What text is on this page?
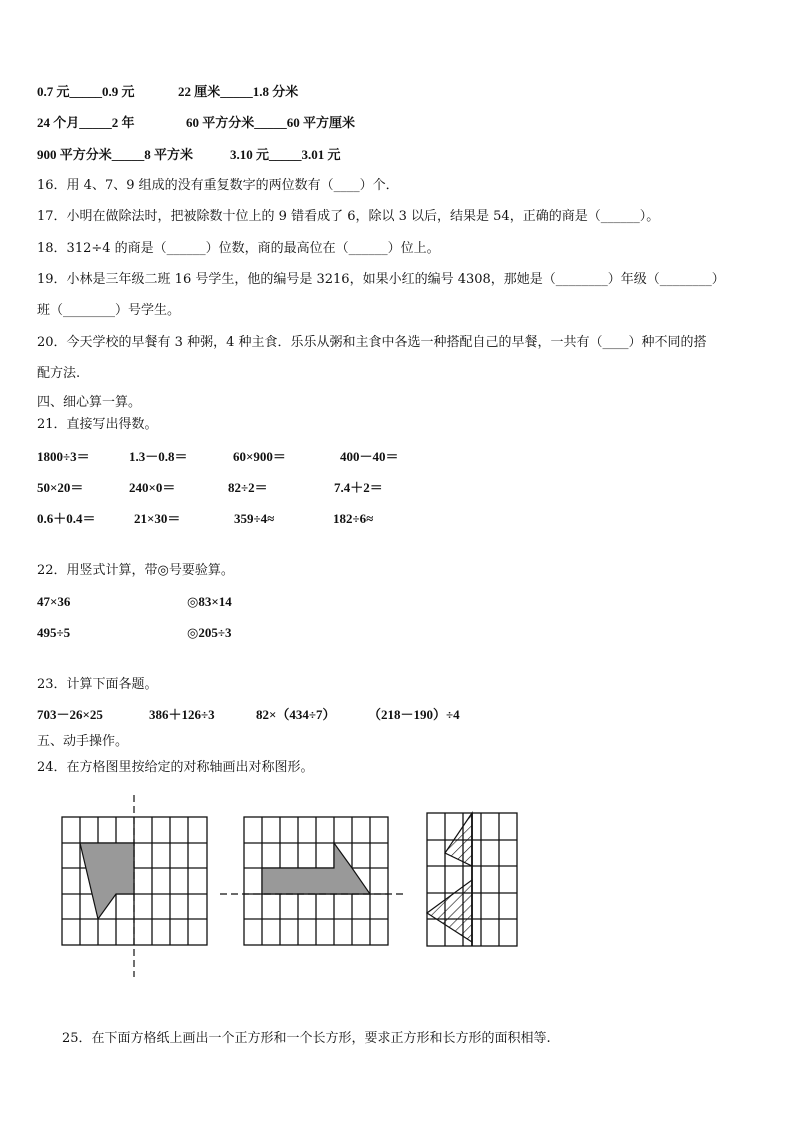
0.7 元_____0.9 元	22 厘米_____1.8 分米
24 个月_____2 年	60 平方分米_____60 平方厘米
900 平方分米_____8 平方米	3.10 元_____3.01 元
16．用 4、7、9 组成的没有重复数字的两位数有（____）个．
17．小明在做除法时，把被除数十位上的 9 错看成了 6，除以 3 以后，结果是 54，正确的商是（______）。
18．312÷4 的商是（______）位数，商的最高位在（______）位上。
19．小林是三年级二班 16 号学生，他的编号是 3216，如果小红的编号 4308，那她是（________）年级（________）
班（________）号学生。
20．今天学校的早餐有 3 种粥，4 种主食．乐乐从粥和主食中各选一种搭配自己的早餐，一共有（____）种不同的搭
配方法.
四、细心算一算。
21．直接写出得数。
1800÷3＝	1.3－0.8＝	60×900＝	400－40＝
50×20＝	240×0＝	82÷2＝	7.4＋2＝
0.6＋0.4＝	21×30＝	359÷4≈	182÷6≈
22．用竖式计算，带◎号要验算。
47×36	◎83×14
495÷5	◎205÷3
23．计算下面各题。
703－26×25	386＋126÷3	82×（434÷7） （218－190）÷4
五、动手操作。
24．在方格图里按给定的对称轴画出对称图形。
25．在下面方格纸上画出一个正方形和一个长方形，要求正方形和长方形的面积相等.
